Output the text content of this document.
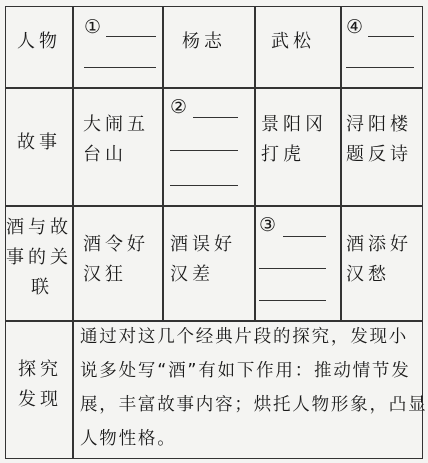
人物
①
杨志	武松
④
故事
大闹五
台山
②
景阳冈
打虎
浔阳楼
题反诗
酒与故
事的关
联
酒令好
汉狂
酒误好
汉差
③
酒添好
汉愁
探究
发现
通过对这几个经典片段的探究，发现小
说多处写“酒”有如下作用：推动情节发
展，丰富故事内容；烘托人物形象，凸显
人物性格。
